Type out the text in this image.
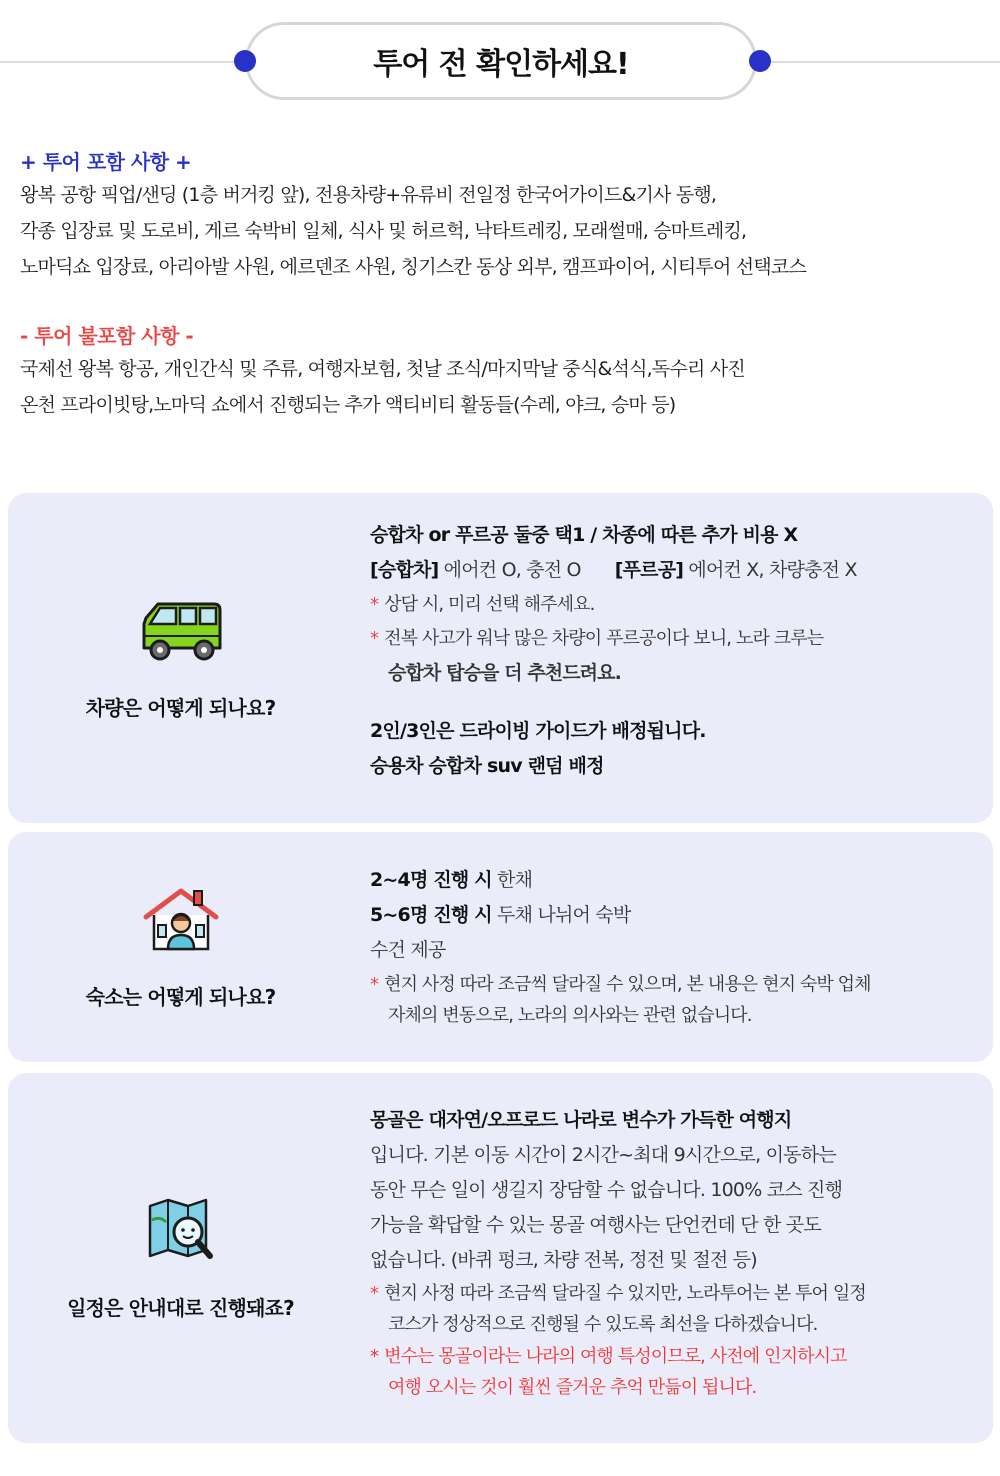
투어 전 확인하세요!
+ 투어 포함 사항 +
왕복 공항 픽업/샌딩 (1층 버거킹 앞), 전용차량+유류비 전일정 한국어가이드&기사 동행,
각종 입장료 및 도로비, 게르 숙박비 일체, 식사 및 허르헉, 낙타트레킹, 모래썰매, 승마트레킹,
노마딕쇼 입장료, 아리아발 사원, 에르덴조 사원, 칭기스칸 동상 외부, 캠프파이어, 시티투어 선택코스
- 투어 불포함 사항 -
국제선 왕복 항공, 개인간식 및 주류, 여행자보험, 첫날 조식/마지막날 중식&석식,독수리 사진
온천 프라이빗탕,노마딕 쇼에서 진행되는 추가 액티비티 활동들(수레, 야크, 승마 등)
차량은 어떻게 되나요?
승합차 or 푸르공 둘중 택1 / 차종에 따른 추가 비용 X
[승합차] 에어컨 O, 충전 O [푸르공] 에어컨 X, 차량충전 X
* 상담 시, 미리 선택 해주세요.
* 전복 사고가 워낙 많은 차량이 푸르공이다 보니, 노라 크루는
승합차 탑승을 더 추천드려요.
2인/3인은 드라이빙 가이드가 배정됩니다.
승용차 승합차 suv 랜덤 배정
숙소는 어떻게 되나요?
2~4명 진행 시 한채
5~6명 진행 시 두채 나뉘어 숙박
수건 제공
* 현지 사정 따라 조금씩 달라질 수 있으며, 본 내용은 현지 숙박 업체
자체의 변동으로, 노라의 의사와는 관련 없습니다.
일정은 안내대로 진행돼죠?
몽골은 대자연/오프로드 나라로 변수가 가득한 여행지
입니다. 기본 이동 시간이 2시간~최대 9시간으로, 이동하는
동안 무슨 일이 생길지 장담할 수 없습니다. 100% 코스 진행
가능을 확답할 수 있는 몽골 여행사는 단언컨데 단 한 곳도
없습니다. (바퀴 펑크, 차량 전복, 정전 및 절전 등)
* 현지 사정 따라 조금씩 달라질 수 있지만, 노라투어는 본 투어 일정
코스가 정상적으로 진행될 수 있도록 최선을 다하겠습니다.
* 변수는 몽골이라는 나라의 여행 특성이므로, 사전에 인지하시고
여행 오시는 것이 훨씬 즐거운 추억 만듦이 됩니다.
